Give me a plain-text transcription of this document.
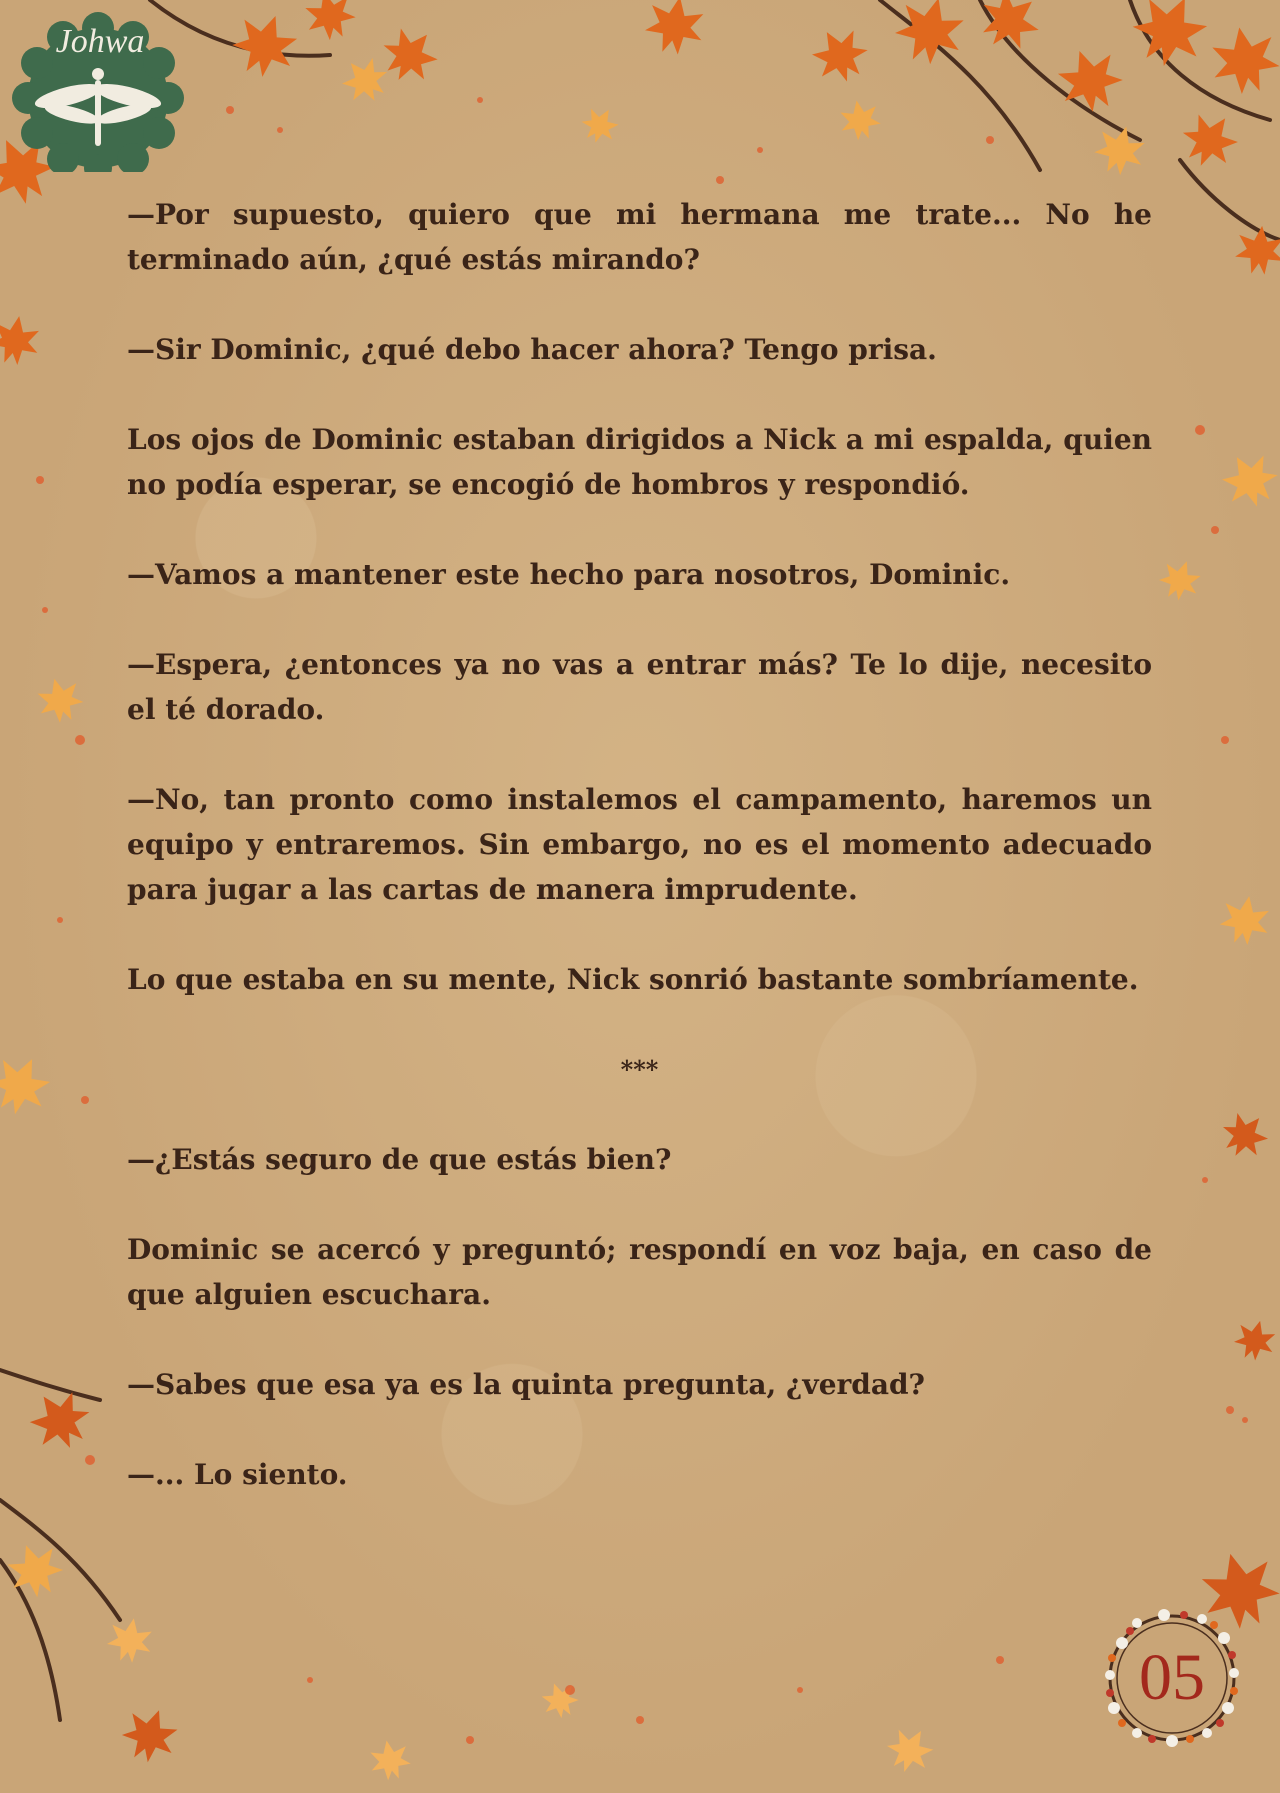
Johwa

—Por supuesto, quiero que mi hermana me trate... No he terminado aún, ¿qué estás mirando?

—Sir Dominic, ¿qué debo hacer ahora? Tengo prisa.

Los ojos de Dominic estaban dirigidos a Nick a mi espalda, quien no podía esperar, se encogió de hombros y respondió.

—Vamos a mantener este hecho para nosotros, Dominic.

—Espera, ¿entonces ya no vas a entrar más? Te lo dije, necesito el té dorado.

—No, tan pronto como instalemos el campamento, haremos un equipo y entraremos. Sin embargo, no es el momento adecuado para jugar a las cartas de manera imprudente.

Lo que estaba en su mente, Nick sonrió bastante sombríamente.

***

—¿Estás seguro de que estás bien?

Dominic se acercó y preguntó; respondí en voz baja, en caso de que alguien escuchara.

—Sabes que esa ya es la quinta pregunta, ¿verdad?

—... Lo siento.

05
